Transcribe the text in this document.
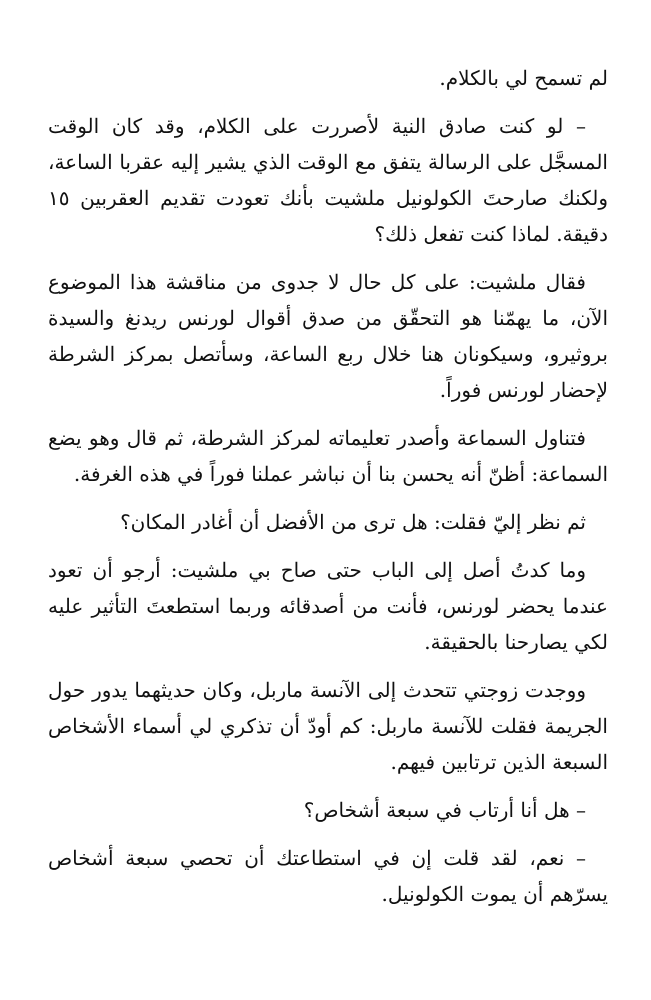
لم تسمح لي بالكلام.

– لو كنت صادق النية لأصررت على الكلام، وقد كان الوقت المسجَّل على الرسالة يتفق مع الوقت الذي يشير إليه عقربا الساعة، ولكنك صارحتَ الكولونيل ملشيت بأنك تعودت تقديم العقربين ١٥ دقيقة. لماذا كنت تفعل ذلك؟

فقال ملشيت: على كل حال لا جدوى من مناقشة هذا الموضوع الآن، ما يهمّنا هو التحقّق من صدق أقوال لورنس ريدنغ والسيدة بروثيرو، وسيكونان هنا خلال ربع الساعة، وسأتصل بمركز الشرطة لإحضار لورنس فوراً.

فتناول السماعة وأصدر تعليماته لمركز الشرطة، ثم قال وهو يضع السماعة: أظنّ أنه يحسن بنا أن نباشر عملنا فوراً في هذه الغرفة.

ثم نظر إليّ فقلت: هل ترى من الأفضل أن أغادر المكان؟

وما كدتُ أصل إلى الباب حتى صاح بي ملشيت: أرجو أن تعود عندما يحضر لورنس، فأنت من أصدقائه وربما استطعتَ التأثير عليه لكي يصارحنا بالحقيقة.

ووجدت زوجتي تتحدث إلى الآنسة ماربل، وكان حديثهما يدور حول الجريمة فقلت للآنسة ماربل: كم أودّ أن تذكري لي أسماء الأشخاص السبعة الذين ترتابين فيهم.

– هل أنا أرتاب في سبعة أشخاص؟

– نعم، لقد قلت إن في استطاعتك أن تحصي سبعة أشخاص يسرّهم أن يموت الكولونيل.
